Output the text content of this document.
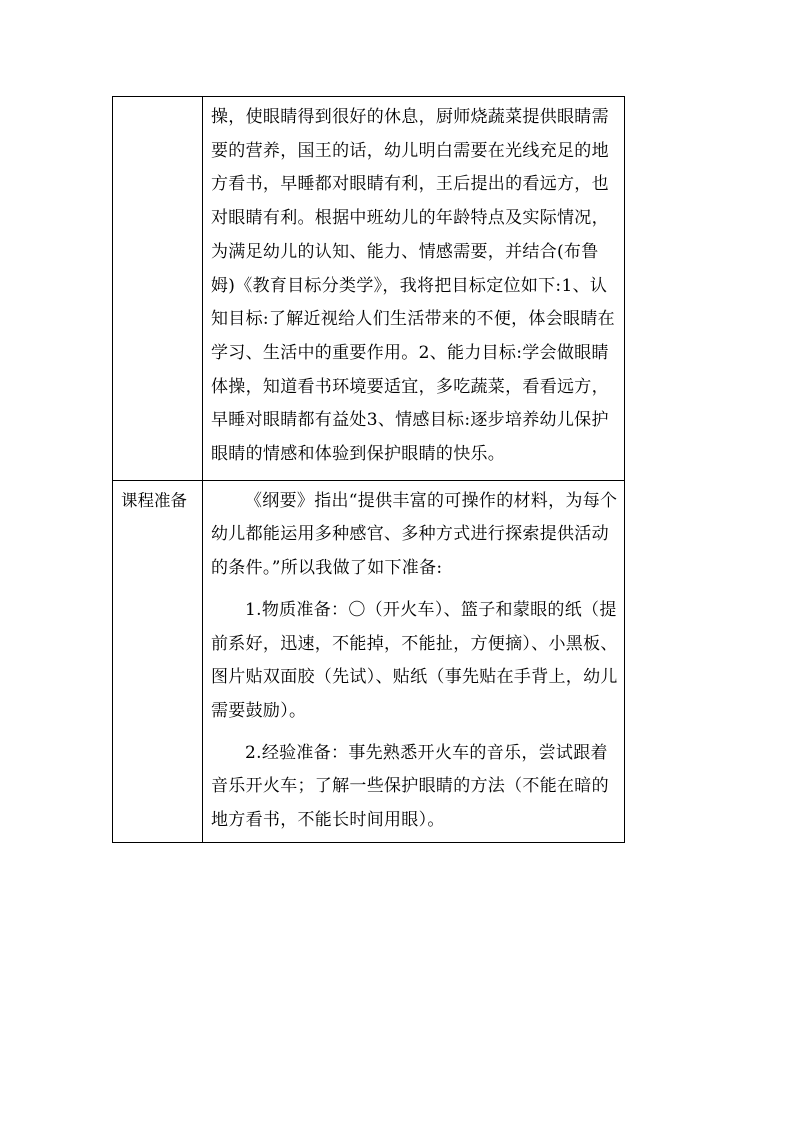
	操，使眼睛得到很好的休息，厨师烧蔬菜提供眼睛需要的营养，国王的话，幼儿明白需要在光线充足的地方看书，早睡都对眼睛有利，王后提出的看远方，也对眼睛有利。根据中班幼儿的年龄特点及实际情况，为满足幼儿的认知、能力、情感需要，并结合(布鲁姆)《教育目标分类学》，我将把目标定位如下:1、认知目标:了解近视给人们生活带来的不便，体会眼睛在学习、生活中的重要作用。2、能力目标:学会做眼睛体操，知道看书环境要适宜，多吃蔬菜，看看远方，早睡对眼睛都有益处3、情感目标:逐步培养幼儿保护眼睛的情感和体验到保护眼睛的快乐。

课程准备	《纲要》指出“提供丰富的可操作的材料，为每个幼儿都能运用多种感官、多种方式进行探索提供活动的条件。”所以我做了如下准备:

1.物质准备：〇（开火车）、篮子和蒙眼的纸（提前系好，迅速，不能掉，不能扯，方便摘）、小黑板、图片贴双面胶（先试）、贴纸（事先贴在手背上，幼儿需要鼓励）。

2.经验准备：事先熟悉开火车的音乐，尝试跟着音乐开火车；了解一些保护眼睛的方法（不能在暗的地方看书，不能长时间用眼）。
